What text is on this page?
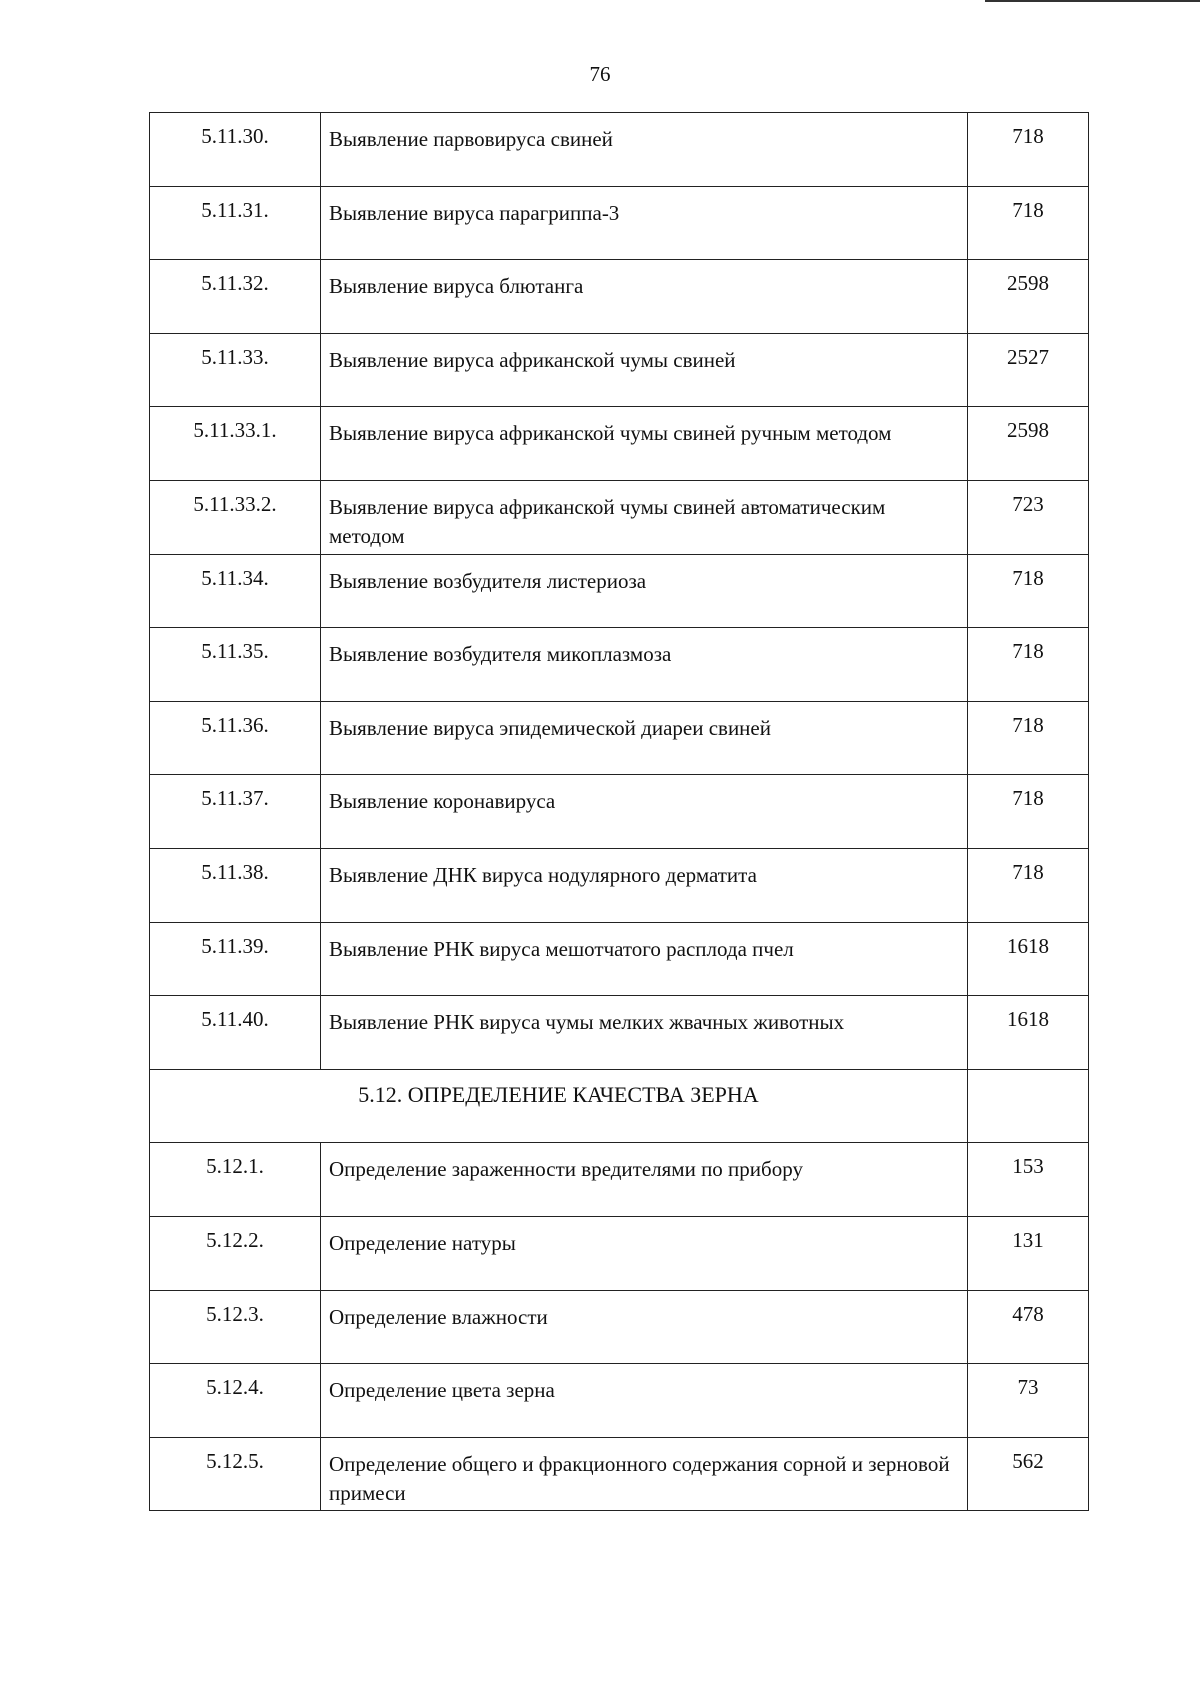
76
5.11.30.	Выявление парвовируса свиней	718
5.11.31.	Выявление вируса парагриппа-3	718
5.11.32.	Выявление вируса блютанга	2598
5.11.33.	Выявление вируса африканской чумы свиней	2527
5.11.33.1.	Выявление вируса африканской чумы свиней ручным методом	2598
5.11.33.2.	Выявление вируса африканской чумы свиней автоматическим методом	723
5.11.34.	Выявление возбудителя листериоза	718
5.11.35.	Выявление возбудителя микоплазмоза	718
5.11.36.	Выявление вируса эпидемической диареи свиней	718
5.11.37.	Выявление коронавируса	718
5.11.38.	Выявление ДНК вируса нодулярного дерматита	718
5.11.39.	Выявление РНК вируса мешотчатого расплода пчел	1618
5.11.40.	Выявление РНК вируса чумы мелких жвачных животных	1618
5.12. ОПРЕДЕЛЕНИЕ КАЧЕСТВА ЗЕРНА		
5.12.1.	Определение зараженности вредителями по прибору	153
5.12.2.	Определение натуры	131
5.12.3.	Определение влажности	478
5.12.4.	Определение цвета зерна	73
5.12.5.	Определение общего и фракционного содержания сорной и зерновой примеси	562
